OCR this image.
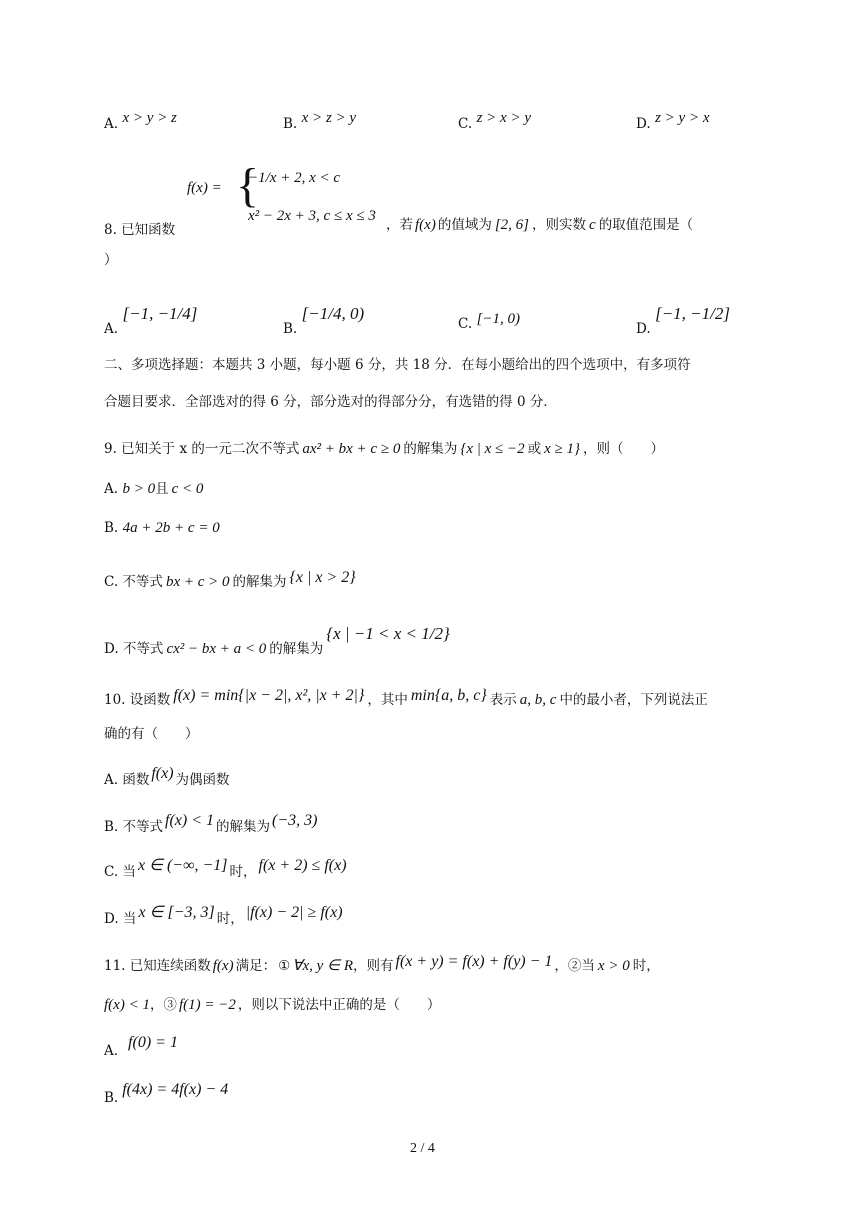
A. x > y > z	B. x > z > y	C. z > x > y	D. z > y > x
f(x) = {
−1/x + 2, x < c
x² − 2x + 3, c ≤ x ≤ 3
8. 已知函数	，若 f(x) 的值域为 [2, 6] ，则实数 c 的取值范围是（
）
A. [−1, −1/4]
B. [−1/4, 0)
C. [−1, 0)
D. [−1, −1/2]
二、多项选择题：本题共 3 小题，每小题 6 分，共 18 分．在每小题给出的四个选项中，有多项符
合题目要求．全部选对的得 6 分，部分选对的得部分分，有选错的得 0 分．
9. 已知关于 x 的一元二次不等式 ax² + bx + c ≥ 0 的解集为 {x | x ≤ −2 或 x ≥ 1} ，则（　　）
A. b > 0且 c < 0
B. 4a + 2b + c = 0
C. 不等式 bx + c > 0 的解集为 {x | x > 2}
D. 不等式 cx² − bx + a < 0 的解集为{x | −1 < x < 1/2}
10. 设函数 f(x) = min{|x − 2|, x², |x + 2|} ，其中 min{a, b, c} 表示 a, b, c 中的最小者，下列说法正
确的有（　　）
A. 函数 f(x) 为偶函数
B. 不等式 f(x) < 1 的解集为 (−3, 3)
C. 当 x ∈ (−∞, −1] 时， f(x + 2) ≤ f(x)
D. 当 x ∈ [−3, 3] 时， |f(x) − 2| ≥ f(x)
11. 已知连续函数 f(x) 满足： ① ∀x, y ∈ R，则有 f(x + y) = f(x) + f(y) − 1 ，②当 x > 0 时，
f(x) < 1，③ f(1) = −2 ，则以下说法中正确的是（　　）
A. f(0) = 1
B. f(4x) = 4f(x) − 4
2 / 4
